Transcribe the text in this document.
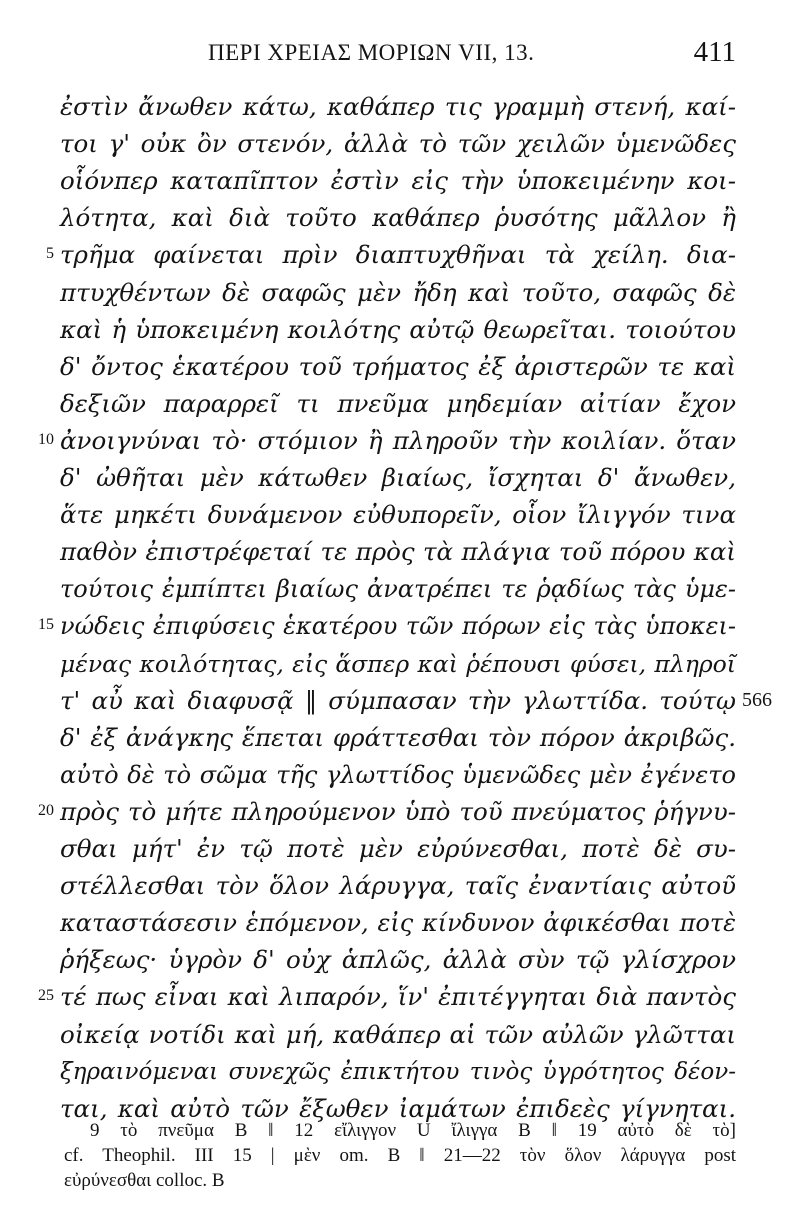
ΠΕΡΙ ΧΡΕΙΑΣ ΜΟΡΙΩΝ VII, 13.	411
ἐστὶν ἄνωθεν κάτω, καθάπερ τις γραμμὴ στενή, καί-
τοι γ' οὐκ ὂν στενόν, ἀλλὰ τὸ τῶν χειλῶν ὑμενῶδες
οἷόνπερ καταπῖπτον ἐστὶν εἰς τὴν ὑποκειμένην κοι-
λότητα, καὶ διὰ τοῦτο καθάπερ ῥυσότης μᾶλλον ἢ
5 τρῆμα φαίνεται πρὶν διαπτυχθῆναι τὰ χείλη. δια-
πτυχθέντων δὲ σαφῶς μὲν ἤδη καὶ τοῦτο, σαφῶς δὲ
καὶ ἡ ὑποκειμένη κοιλότης αὐτῷ θεωρεῖται. τοιούτου
δ' ὄντος ἑκατέρου τοῦ τρήματος ἐξ ἀριστερῶν τε καὶ
δεξιῶν παραρρεῖ τι πνεῦμα μηδεμίαν αἰτίαν ἔχον
10 ἀνοιγνύναι τὸ· στόμιον ἢ πληροῦν τὴν κοιλίαν. ὅταν
δ' ὠθῆται μὲν κάτωθεν βιαίως, ἴσχηται δ' ἄνωθεν,
ἅτε μηκέτι δυνάμενον εὐθυπορεῖν, οἷον ἴλιγγόν τινα
παθὸν ἐπιστρέφεταί τε πρὸς τὰ πλάγια τοῦ πόρου καὶ
τούτοις ἐμπίπτει βιαίως ἀνατρέπει τε ῥᾳδίως τὰς ὑμε-
15 νώδεις ἐπιφύσεις ἑκατέρου τῶν πόρων εἰς τὰς ὑποκει-
μένας κοιλότητας, εἰς ἅσπερ καὶ ῥέπουσι φύσει, πληροῖ
τ' αὖ καὶ διαφυσᾷ ‖ σύμπασαν τὴν γλωττίδα. τούτῳ 566
δ' ἐξ ἀνάγκης ἕπεται φράττεσθαι τὸν πόρον ἀκριβῶς.
αὐτὸ δὲ τὸ σῶμα τῆς γλωττίδος ὑμενῶδες μὲν ἐγένετο
20 πρὸς τὸ μήτε πληρούμενον ὑπὸ τοῦ πνεύματος ῥήγνυ-
σθαι μήτ' ἐν τῷ ποτὲ μὲν εὐρύνεσθαι, ποτὲ δὲ συ-
στέλλεσθαι τὸν ὅλον λάρυγγα, ταῖς ἐναντίαις αὐτοῦ
καταστάσεσιν ἑπόμενον, εἰς κίνδυνον ἀφικέσθαι ποτὲ
ῥήξεως· ὑγρὸν δ' οὐχ ἁπλῶς, ἀλλὰ σὺν τῷ γλίσχρον
25 τέ πως εἶναι καὶ λιπαρόν, ἵν' ἐπιτέγγηται διὰ παντὸς
οἰκείᾳ νοτίδι καὶ μή, καθάπερ αἱ τῶν αὐλῶν γλῶτται
ξηραινόμεναι συνεχῶς ἐπικτήτου τινὸς ὑγρότητος δέον-
ται, καὶ αὐτὸ τῶν ἔξωθεν ἰαμάτων ἐπιδεὲς γίγνηται.
9 τὸ πνεῦμα B ‖ 12 εἴλιγγον U ἴλιγγα B ‖ 19 αὐτὸ δὲ τὸ]
cf. Theophil. III 15 | μὲν om. B ‖ 21—22 τὸν ὅλον λάρυγγα post
εὐρύνεσθαι colloc. B
